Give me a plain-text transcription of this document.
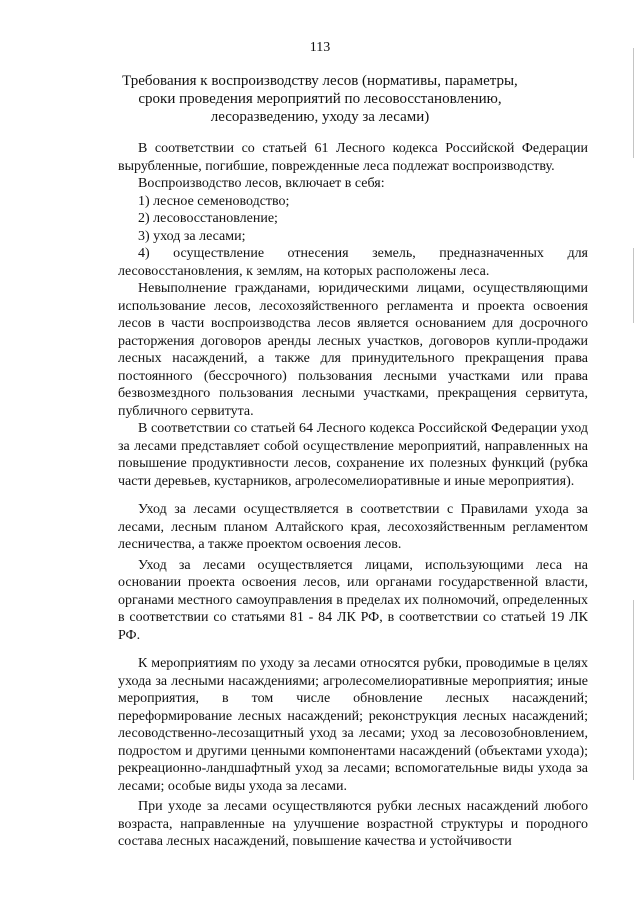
113
Требования к воспроизводству лесов (нормативы, параметры, сроки проведения мероприятий по лесовосстановлению, лесоразведению, уходу за лесами)

В соответствии со статьей 61 Лесного кодекса Российской Федерации вырубленные, погибшие, поврежденные леса подлежат воспроизводству.

Воспроизводство лесов, включает в себя:

1) лесное семеноводство;

2) лесовосстановление;

3) уход за лесами;

4) осуществление отнесения земель, предназначенных для лесовосстановления, к землям, на которых расположены леса.

Невыполнение гражданами, юридическими лицами, осуществляющими использование лесов, лесохозяйственного регламента и проекта освоения лесов в части воспроизводства лесов является основанием для досрочного расторжения договоров аренды лесных участков, договоров купли-продажи лесных насаждений, а также для принудительного прекращения права постоянного (бессрочного) пользования лесными участками или права безвозмездного пользования лесными участками, прекращения сервитута, публичного сервитута.

В соответствии со статьей 64 Лесного кодекса Российской Федерации уход за лесами представляет собой осуществление мероприятий, направленных на повышение продуктивности лесов, сохранение их полезных функций (рубка части деревьев, кустарников, агролесомелиоративные и иные мероприятия).

Уход за лесами осуществляется в соответствии с Правилами ухода за лесами, лесным планом Алтайского края, лесохозяйственным регламентом лесничества, а также проектом освоения лесов.

Уход за лесами осуществляется лицами, использующими леса на основании проекта освоения лесов, или органами государственной власти, органами местного самоуправления в пределах их полномочий, определенных в соответствии со статьями 81 - 84 ЛК РФ, в соответствии со статьей 19 ЛК РФ.

К мероприятиям по уходу за лесами относятся рубки, проводимые в целях ухода за лесными насаждениями; агролесомелиоративные мероприятия; иные мероприятия, в том числе обновление лесных насаждений; переформирование лесных насаждений; реконструкция лесных насаждений; лесоводственно-лесозащитный уход за лесами; уход за лесовозобновлением, подростом и другими ценными компонентами насаждений (объектами ухода); рекреационно-ландшафтный уход за лесами; вспомогательные виды ухода за лесами; особые виды ухода за лесами.

При уходе за лесами осуществляются рубки лесных насаждений любого возраста, направленные на улучшение возрастной структуры и породного состава лесных насаждений, повышение качества и устойчивости
